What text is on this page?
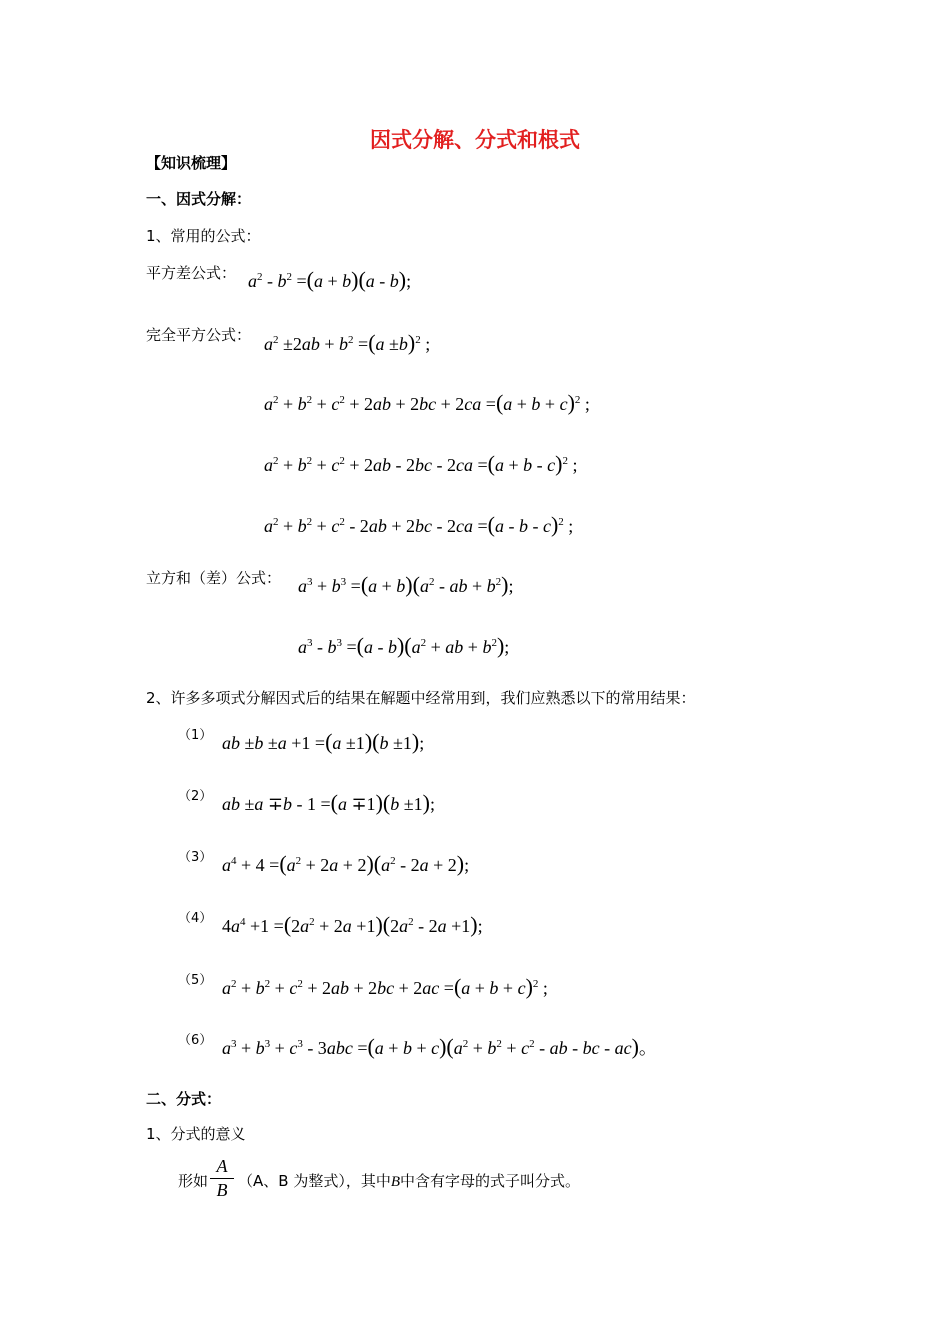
因式分解、分式和根式
【知识梳理】
一、因式分解：
1、常用的公式：
平方差公式： $a^2 - b^2 =(a + b)(a - b)$;
完全平方公式： $a^2 \pm 2ab + b^2 =(a \pm b)^2$ ;
$a^2 + b^2 + c^2 + 2ab + 2bc + 2ca =(a + b + c)^2$ ;
$a^2 + b^2 + c^2 + 2ab - 2bc - 2ca =(a + b - c)^2$ ;
$a^2 + b^2 + c^2 - 2ab + 2bc - 2ca =(a - b - c)^2$ ;
立方和（差）公式： $a^3 + b^3 =(a + b)(a^2$ - ab + $b^2$);
$a^3 - b^3 =(a - b)(a^2$ + ab + $b^2$);
2、许多多项式分解因式后的结果在解题中经常用到，我们应熟悉以下的常用结果：
（1） ab ±b ±a +1 =(a ±1)(b ±1);
（2） ab ±a ∓b - 1 =(a ∓1)(b ±1);
（3） $a^4 + 4 =(a^2 + 2a + 2)(a^2 - 2a + 2)$;
（4） $4a^4 +1 =(2a^2 + 2a +1)(2a^2 - 2a +1)$;
（5） $a^2 + b^2 + c^2 + 2ab + 2bc + 2ac =(a + b + c)^2$ ;
（6） $a^3 + b^3 + c^3 - 3abc =(a + b + c)(a^2 + b^2 + c^2$ - ab - bc - ac)。
二、分式：
1、分式的意义
形如
A
B （A、B 为整式），其中B中含有字母的式子叫分式。
